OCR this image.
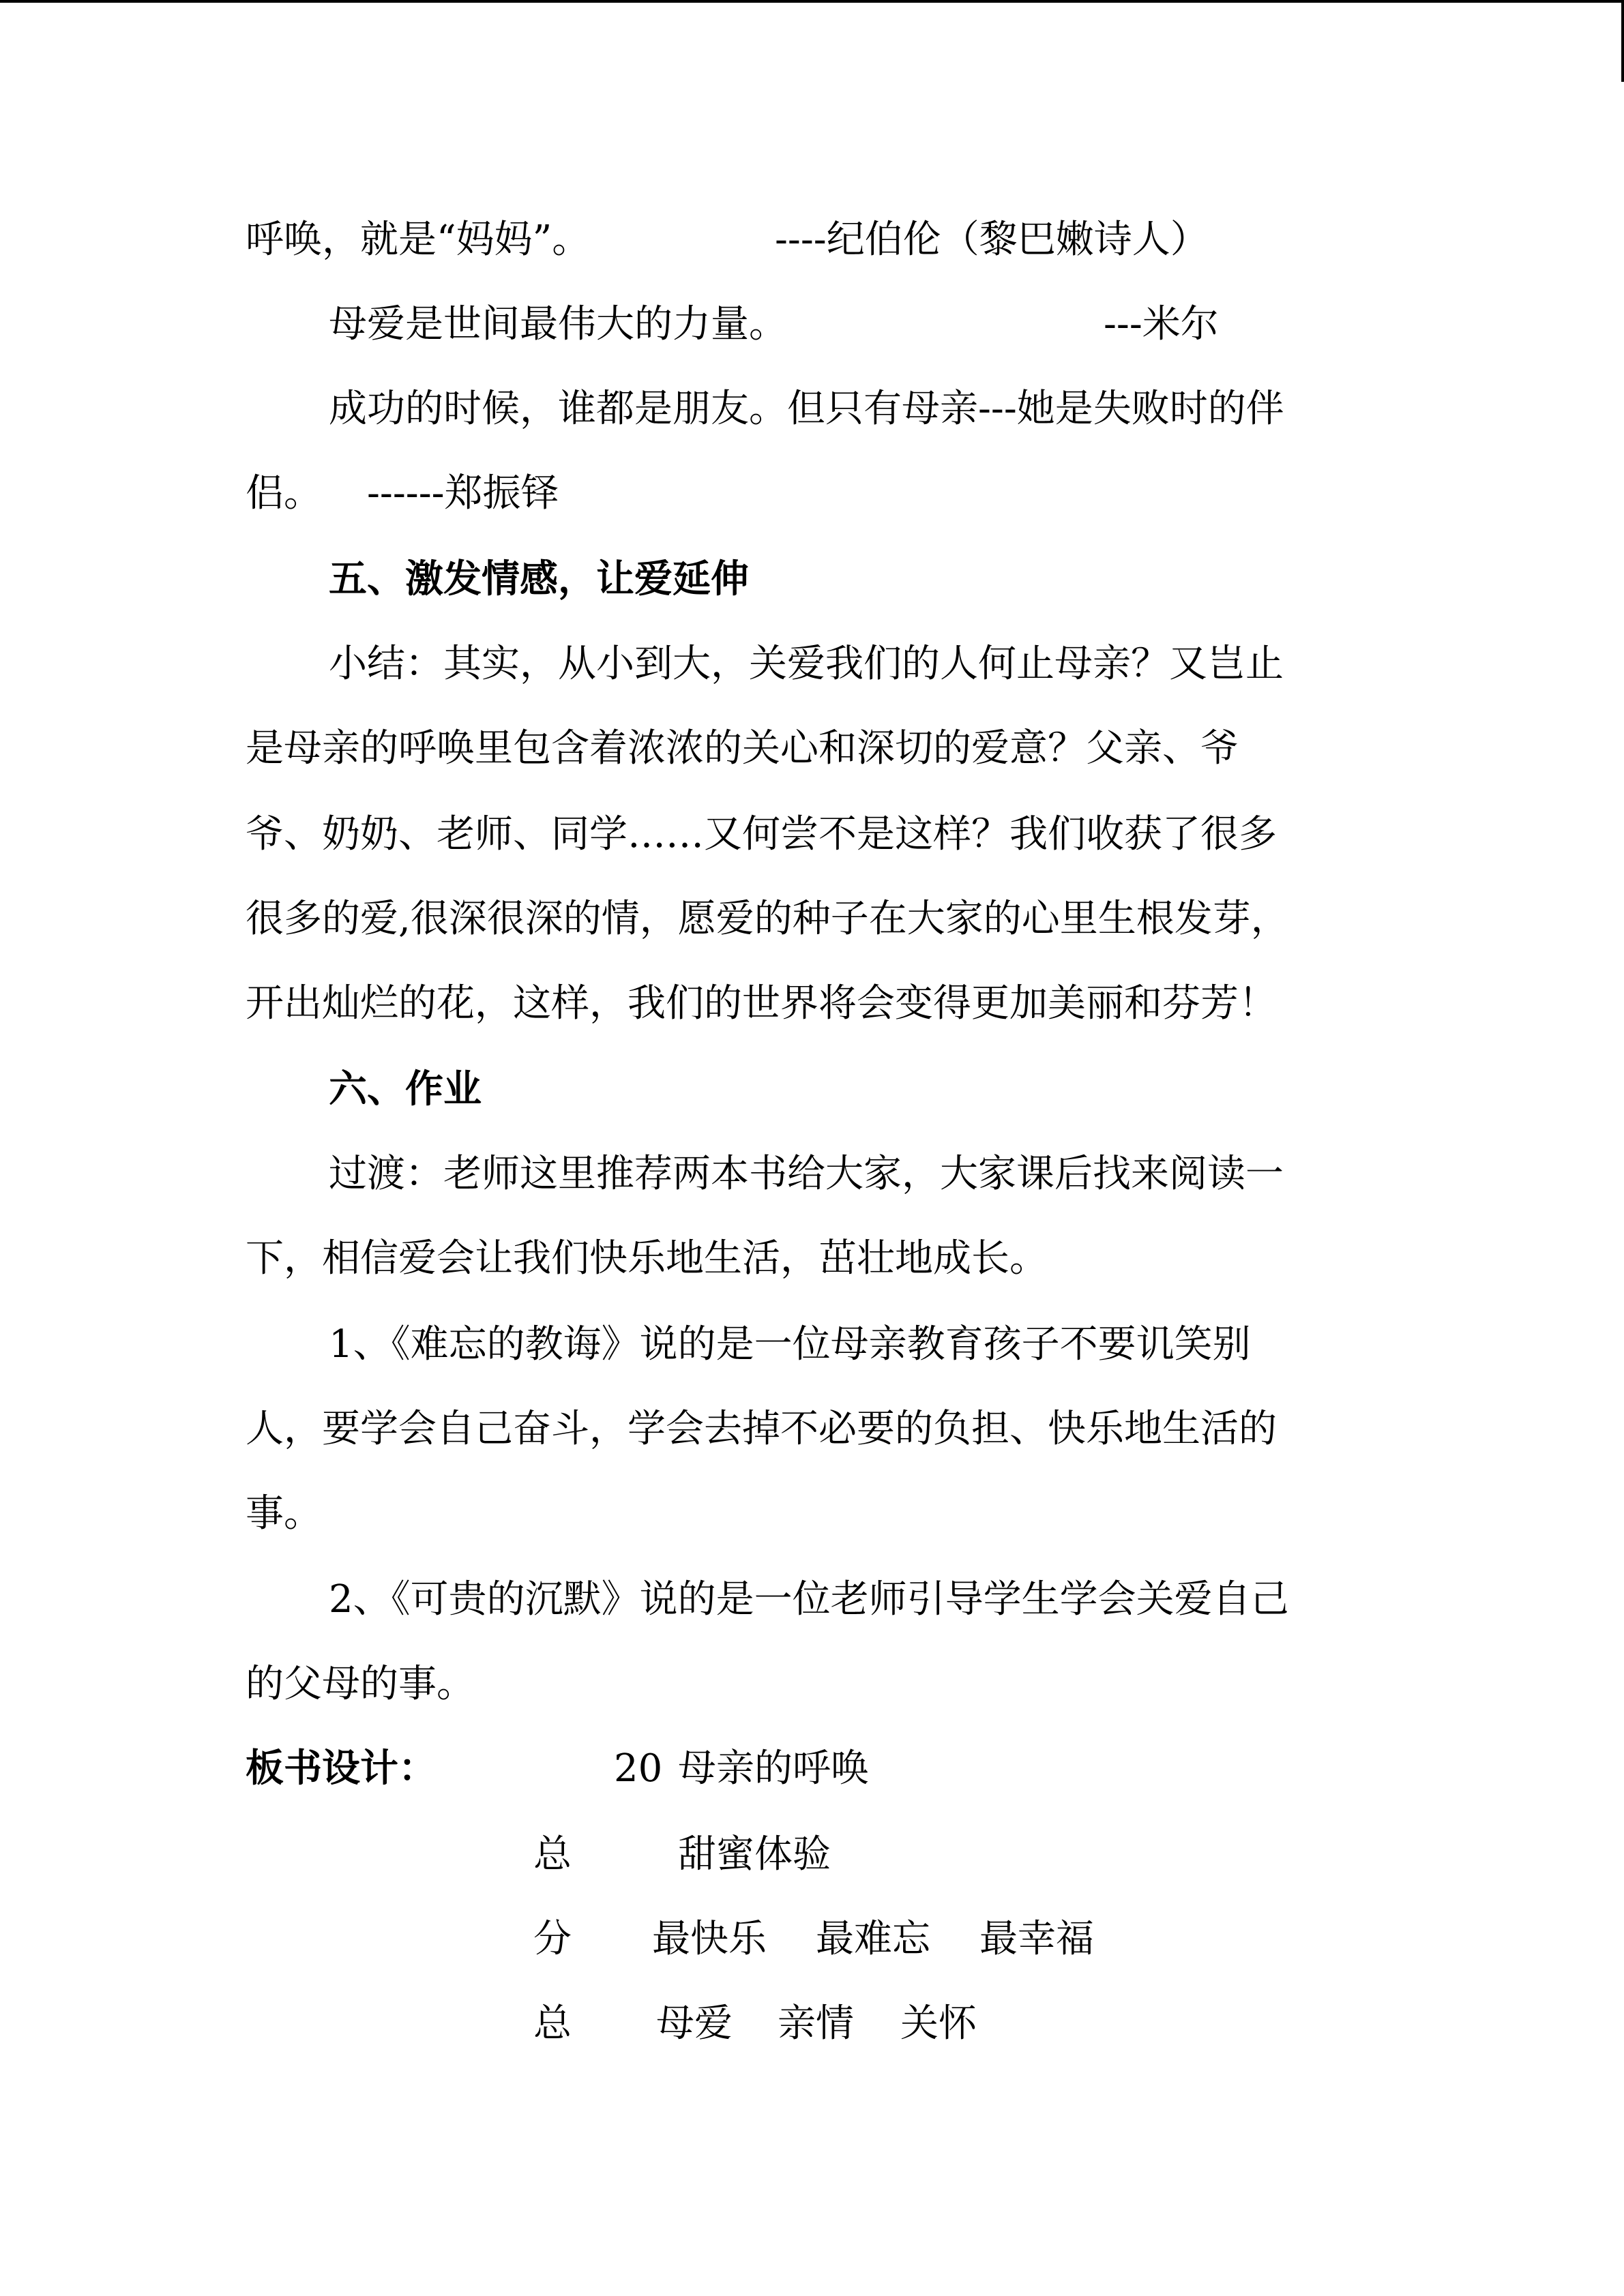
呼唤，就是“妈妈”。	----纪伯伦（黎巴嫩诗人）
母爱是世间最伟大的力量。	---米尔
成功的时候，谁都是朋友。但只有母亲---她是失败时的伴
侣。 ------郑振铎
五、激发情感，让爱延伸
小结：其实，从小到大，关爱我们的人何止母亲？又岂止
是母亲的呼唤里包含着浓浓的关心和深切的爱意？父亲、爷
爷、奶奶、老师、同学……又何尝不是这样？我们收获了很多
很多的爱,很深很深的情，愿爱的种子在大家的心里生根发芽，
开出灿烂的花，这样，我们的世界将会变得更加美丽和芬芳！
六、作业
过渡：老师这里推荐两本书给大家，大家课后找来阅读一
下，相信爱会让我们快乐地生活，茁壮地成长。
1、《难忘的教诲》说的是一位母亲教育孩子不要讥笑别
人，要学会自己奋斗，学会去掉不必要的负担、快乐地生活的
事。
2、《可贵的沉默》说的是一位老师引导学生学会关爱自己
的父母的事。
板书设计：	20 母亲的呼唤
总	甜蜜体验
分 最快乐 最难忘 最幸福
总 母爱 亲情 关怀
